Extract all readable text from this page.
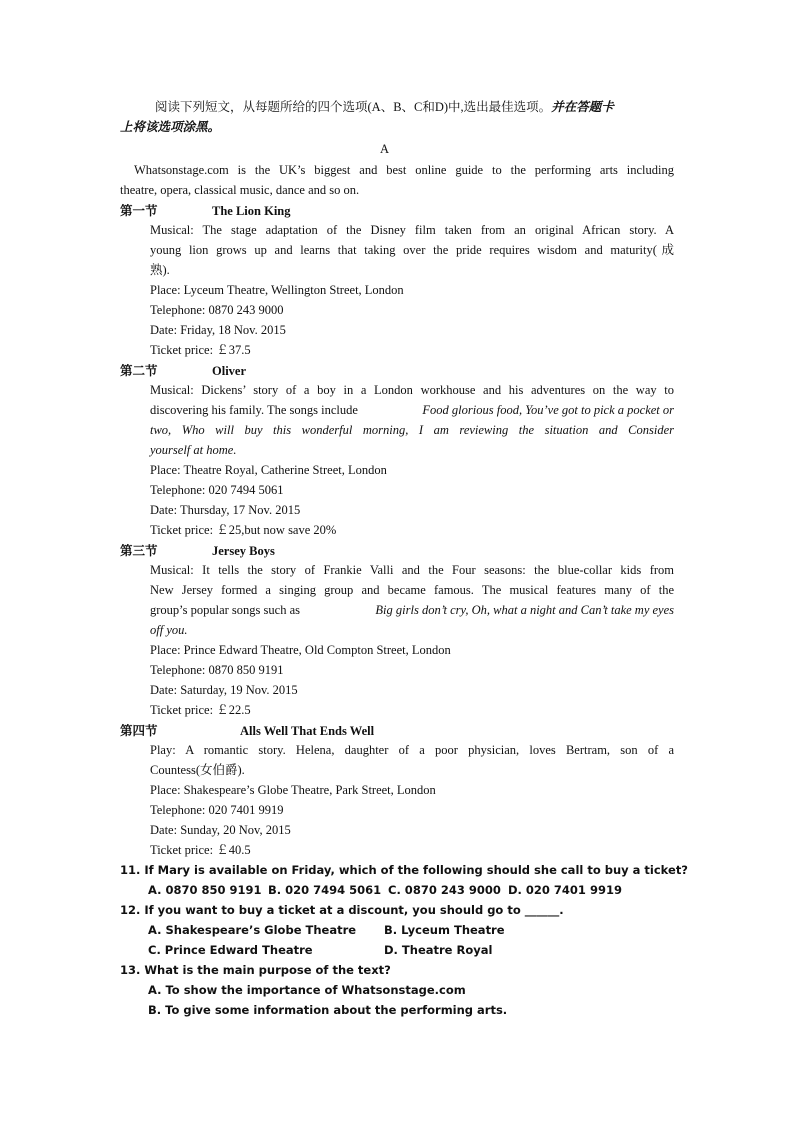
阅读下列短文，从每题所给的四个选项(A、B、C和D)中,选出最佳选项。并在答题卡
上将该选项涂黑。
A
Whatsonstage.com is the UK’s biggest and best online guide to the performing arts including
theatre, opera, classical music, dance and so on.
第一节	The Lion King
Musical: The stage adaptation of the Disney film taken from an original African story. A
young lion grows up and learns that taking over the pride requires wisdom and maturity(成
熟).
Place: Lyceum Theatre, Wellington Street, London
Telephone: 0870 243 9000
Date: Friday, 18 Nov. 2015
Ticket price: ￡37.5
第二节	Oliver
Musical: Dickens’ story of a boy in a London workhouse and his adventures on the way to
discovering his family. The songs include	Food glorious food, You’ve got to pick a pocket or
two, Who will buy this wonderful morning, I am reviewing the situation and Consider
yourself at home.
Place: Theatre Royal, Catherine Street, London
Telephone: 020 7494 5061
Date: Thursday, 17 Nov. 2015
Ticket price: ￡25,but now save 20%
第三节	Jersey Boys
Musical: It tells the story of Frankie Valli and the Four seasons: the blue-collar kids from
New Jersey formed a singing group and became famous. The musical features many of the
group’s popular songs such as	Big girls don’t cry, Oh, what a night and Can’t take my eyes
off you.
Place: Prince Edward Theatre, Old Compton Street, London
Telephone: 0870 850 9191
Date: Saturday, 19 Nov. 2015
Ticket price: ￡22.5
第四节	Alls Well That Ends Well
Play: A romantic story. Helena, daughter of a poor physician, loves Bertram, son of a
Countess(女伯爵).
Place: Shakespeare’s Globe Theatre, Park Street, London
Telephone: 020 7401 9919
Date: Sunday, 20 Nov, 2015
Ticket price: ￡40.5
11. If Mary is available on Friday, which of the following should she call to buy a ticket?
A. 0870 850 9191 B. 020 7494 5061 C. 0870 243 9000 D. 020 7401 9919
12. If you want to buy a ticket at a discount, you should go to ______.
A. Shakespeare’s Globe Theatre B. Lyceum Theatre
C. Prince Edward Theatre	D. Theatre Royal
13. What is the main purpose of the text?
A. To show the importance of Whatsonstage.com
B. To give some information about the performing arts.
